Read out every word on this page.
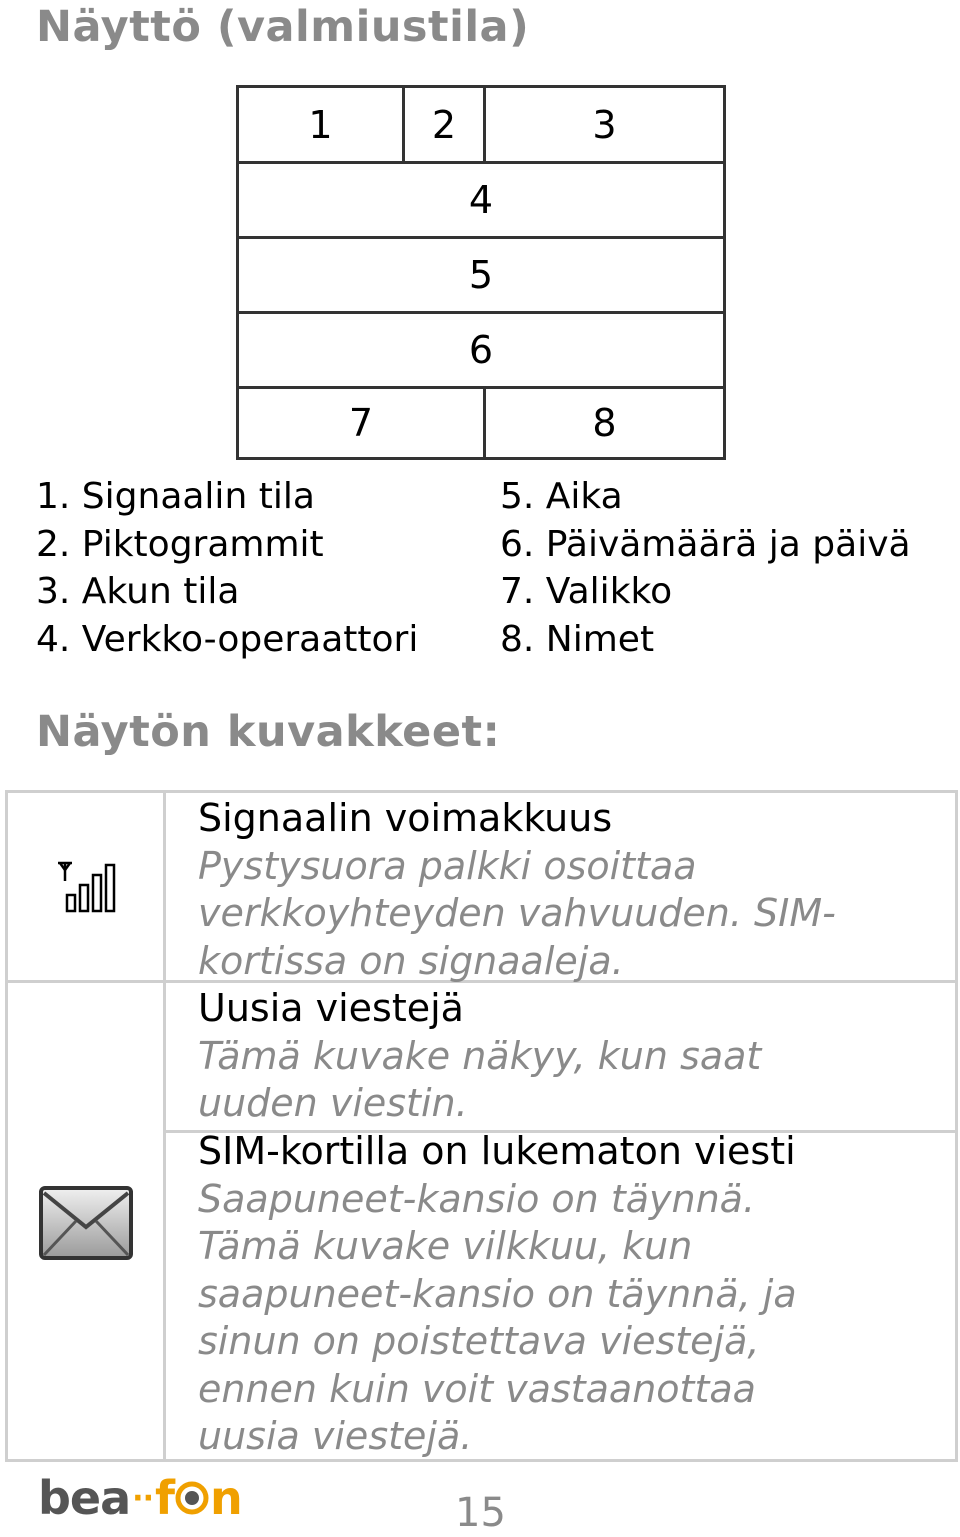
Näyttö (valmiustila)
1	2	3
4
5
6
7	8
1. Signaalin tila
2. Piktogrammit
3. Akun tila
4. Verkko-operaattori
5. Aika
6. Päivämäärä ja päivä
7. Valikko
8. Nimet
Näytön kuvakkeet:
Signaalin voimakkuus
Pystysuora palkki osoittaa
verkkoyhteyden vahvuuden. SIM-
kortissa on signaaleja.
Uusia viestejä
Tämä kuvake näkyy, kun saat
uuden viestin.
SIM-kortilla on lukematon viesti
Saapuneet-kansio on täynnä.
Tämä kuvake vilkkuu, kun
saapuneet-kansio on täynnä, ja
sinun on poistettava viestejä,
ennen kuin voit vastaanottaa
uusia viestejä.
bea ·· f n	15
